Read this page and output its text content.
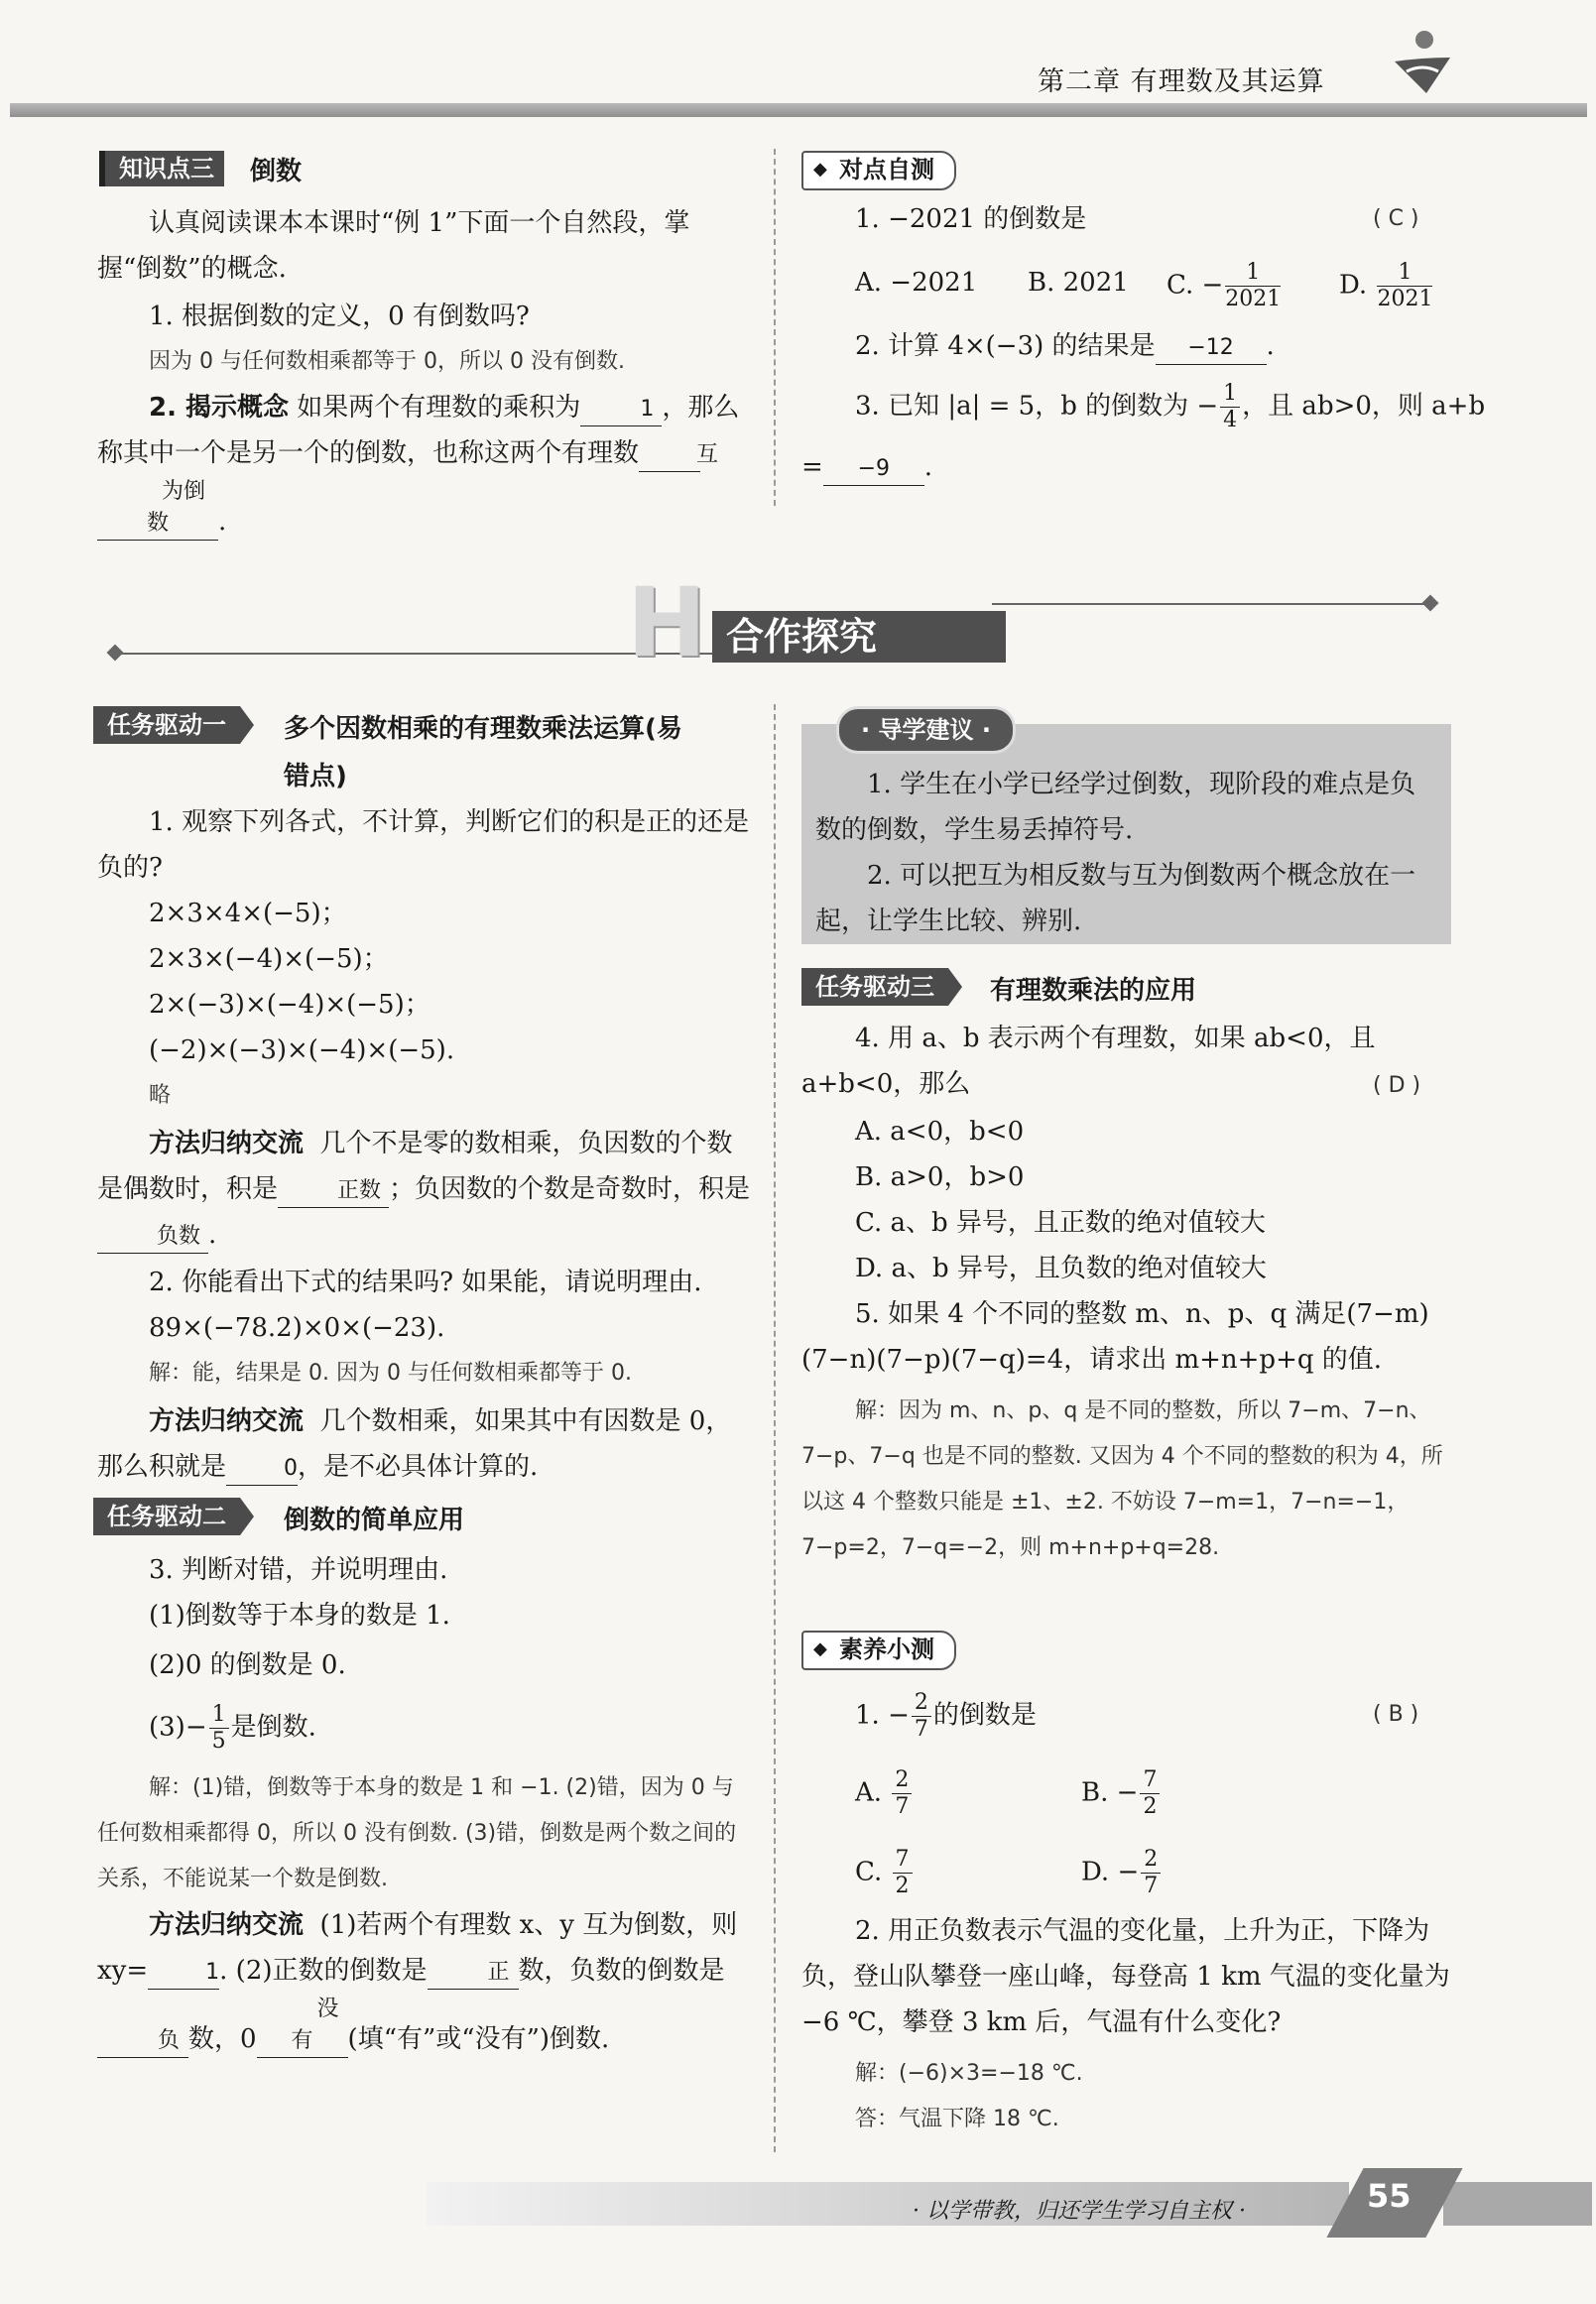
第二章 有理数及其运算
知识点三	倒数
认真阅读课本本课时“例 1”下面一个自然段，掌握“倒数”的概念.
1. 根据倒数的定义，0 有倒数吗?
因为 0 与任何数相乘都等于 0，所以 0 没有倒数.
2. 揭示概念 如果两个有理数的乘积为	1 ，那么称其中一个是另一个的倒数，也称这两个有理数	互为倒数 .
◆ 对点自测
1. −2021 的倒数是	( C )
A. −2021 B. 2021 C. − $\frac{1}{2021} D$. $\frac{1}{2021}$
2. 计算 4×(−3) 的结果是 −12 .
3. 已知 |a| = 5，b 的倒数为 − $\frac{1}{4}$ ，且 ab>0，则 a+b
= −9 .
H 合作探究
任务驱动一	多个因数相乘的有理数乘法运算(易
错点)
1. 观察下列各式，不计算，判断它们的积是正的还是负的?
2×3×4×(−5)；
2×3×(−4)×(−5)；
2×(−3)×(−4)×(−5)；
(−2)×(−3)×(−4)×(−5).
略
方法归纳交流 几个不是零的数相乘，负因数的个数是偶数时，积是	正数 ；负因数的个数是奇数时，积是负数 .
2. 你能看出下式的结果吗? 如果能，请说明理由.
89×(−78.2)×0×(−23).
解：能，结果是 0. 因为 0 与任何数相乘都等于 0.
方法归纳交流 几个数相乘，如果其中有因数是 0，那么积就是	0，是不必具体计算的.
任务驱动二	倒数的简单应用
3. 判断对错，并说明理由.
(1)倒数等于本身的数是 1.
(2)0 的倒数是 0.
$(3)- \frac{1}{5}$ 是倒数.
解：(1)错，倒数等于本身的数是 1 和 −1. (2)错，因为 0 与任何数相乘都得 0，所以 0 没有倒数. (3)错，倒数是两个数之间的关系，不能说某一个数是倒数.
方法归纳交流 (1)若两个有理数 x、y 互为倒数，则 xy=	1. (2)正数的倒数是	正 数，负数的倒数是负 数，0没有 (填“有”或“没有”)倒数.
· 导学建议 ·
1. 学生在小学已经学过倒数，现阶段的难点是负数的倒数，学生易丢掉符号.
2. 可以把互为相反数与互为倒数两个概念放在一起，让学生比较、辨别.
任务驱动三	有理数乘法的应用
4. 用 a、b 表示两个有理数，如果 ab<0，且 a+b<0，那么	( D )
A. a<0，b<0
B. a>0，b>0
C. a、b 异号，且正数的绝对值较大
D. a、b 异号，且负数的绝对值较大
5. 如果 4 个不同的整数 m、n、p、q 满足(7−m)(7−n)(7−p)(7−q)=4，请求出 m+n+p+q 的值.
解：因为 m、n、p、q 是不同的整数，所以 7−m、7−n、7−p、7−q 也是不同的整数. 又因为 4 个不同的整数的积为 4，所以这 4 个整数只能是 ±1、±2. 不妨设 7−m=1，7−n=−1，7−p=2，7−q=−2，则 m+n+p+q=28.
◆ 素养小测
1. − $\frac{2}{7}$ 的倒数是	( B )
A. $\frac{2}{7}$	B. − $\frac{7}{2}$
C. $\frac{7}{2}$	D. − $\frac{2}{7}$
2. 用正负数表示气温的变化量，上升为正，下降为负，登山队攀登一座山峰，每登高 1 km 气温的变化量为 −6 ℃，攀登 3 km 后，气温有什么变化?
解：(−6)×3=−18 ℃.
答：气温下降 18 ℃.
· 以学带教，归还学生学习自主权 ·	55
